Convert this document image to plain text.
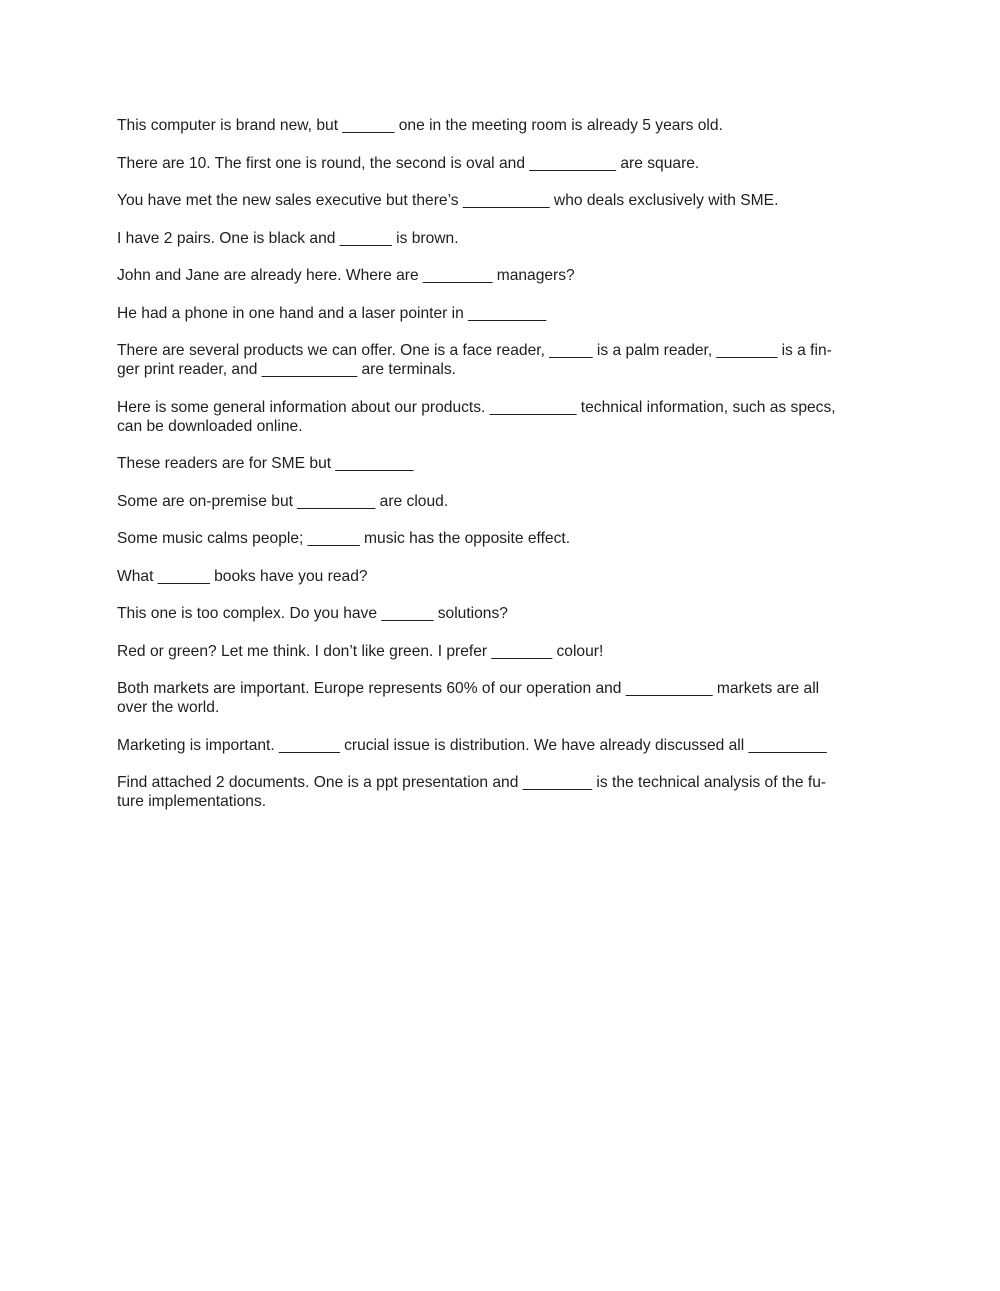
This computer is brand new, but ______ one in the meeting room is already 5 years old.

There are 10. The first one is round, the second is oval and __________ are square.

You have met the new sales executive but there’s __________ who deals exclusively with SME.

I have 2 pairs. One is black and ______ is brown.

John and Jane are already here. Where are ________ managers?

He had a phone in one hand and a laser pointer in _________

There are several products we can offer. One is a face reader, _____ is a palm reader, _______ is a fin-
ger print reader, and ___________ are terminals.

Here is some general information about our products. __________ technical information, such as specs,
can be downloaded online.

These readers are for SME but _________

Some are on-premise but _________ are cloud.

Some music calms people; ______ music has the opposite effect.

What ______ books have you read?

This one is too complex. Do you have ______ solutions?

Red or green? Let me think. I don’t like green. I prefer _______ colour!

Both markets are important. Europe represents 60% of our operation and __________ markets are all
over the world.

Marketing is important. _______ crucial issue is distribution. We have already discussed all _________

Find attached 2 documents. One is a ppt presentation and ________ is the technical analysis of the fu-
ture implementations.
